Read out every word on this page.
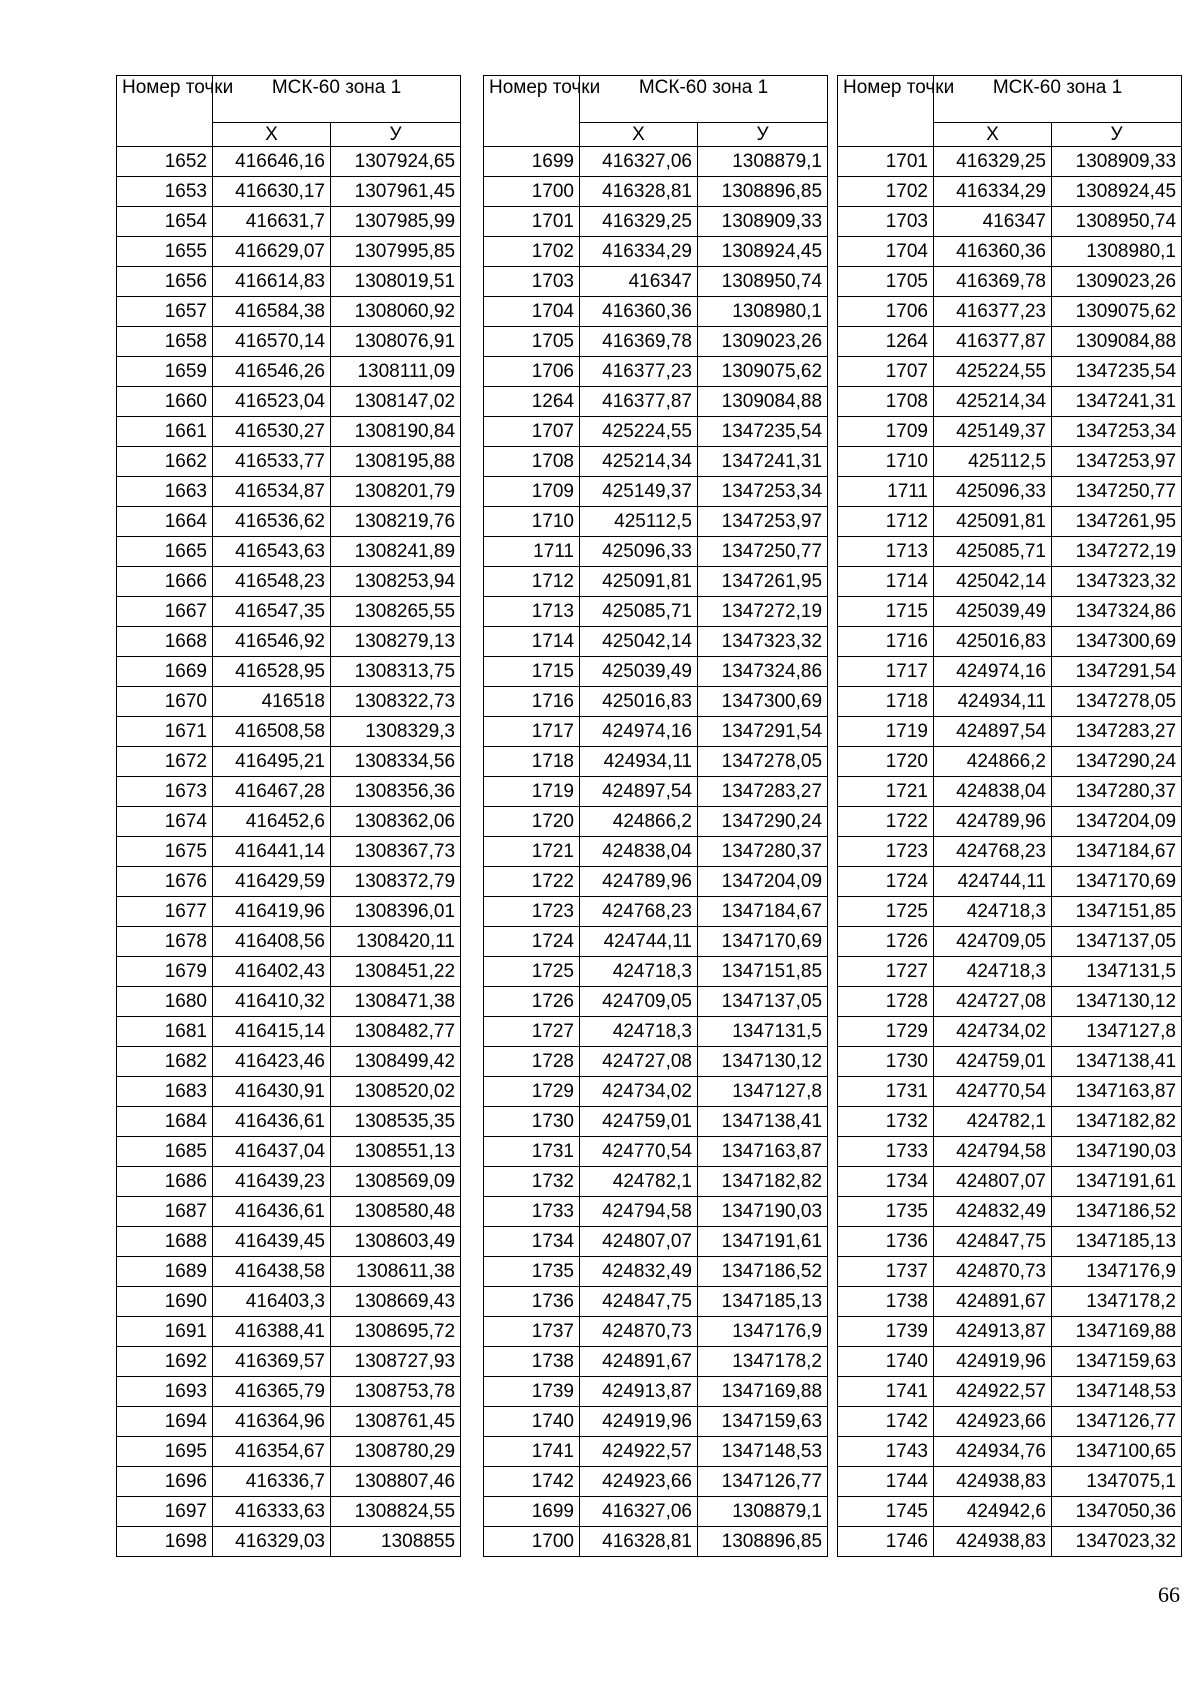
Номер точки	МСК-60 зона 1	
	X	У
1652	416646,16	1307924,65
1653	416630,17	1307961,45
1654	416631,7	1307985,99
1655	416629,07	1307995,85
1656	416614,83	1308019,51
1657	416584,38	1308060,92
1658	416570,14	1308076,91
1659	416546,26	1308111,09
1660	416523,04	1308147,02
1661	416530,27	1308190,84
1662	416533,77	1308195,88
1663	416534,87	1308201,79
1664	416536,62	1308219,76
1665	416543,63	1308241,89
1666	416548,23	1308253,94
1667	416547,35	1308265,55
1668	416546,92	1308279,13
1669	416528,95	1308313,75
1670	416518	1308322,73
1671	416508,58	1308329,3
1672	416495,21	1308334,56
1673	416467,28	1308356,36
1674	416452,6	1308362,06
1675	416441,14	1308367,73
1676	416429,59	1308372,79
1677	416419,96	1308396,01
1678	416408,56	1308420,11
1679	416402,43	1308451,22
1680	416410,32	1308471,38
1681	416415,14	1308482,77
1682	416423,46	1308499,42
1683	416430,91	1308520,02
1684	416436,61	1308535,35
1685	416437,04	1308551,13
1686	416439,23	1308569,09
1687	416436,61	1308580,48
1688	416439,45	1308603,49
1689	416438,58	1308611,38
1690	416403,3	1308669,43
1691	416388,41	1308695,72
1692	416369,57	1308727,93
1693	416365,79	1308753,78
1694	416364,96	1308761,45
1695	416354,67	1308780,29
1696	416336,7	1308807,46
1697	416333,63	1308824,55
1698	416329,03	1308855
Номер точки	МСК-60 зона 1	
	X	У
1699	416327,06	1308879,1
1700	416328,81	1308896,85
1701	416329,25	1308909,33
1702	416334,29	1308924,45
1703	416347	1308950,74
1704	416360,36	1308980,1
1705	416369,78	1309023,26
1706	416377,23	1309075,62
1264	416377,87	1309084,88
1707	425224,55	1347235,54
1708	425214,34	1347241,31
1709	425149,37	1347253,34
1710	425112,5	1347253,97
1711	425096,33	1347250,77
1712	425091,81	1347261,95
1713	425085,71	1347272,19
1714	425042,14	1347323,32
1715	425039,49	1347324,86
1716	425016,83	1347300,69
1717	424974,16	1347291,54
1718	424934,11	1347278,05
1719	424897,54	1347283,27
1720	424866,2	1347290,24
1721	424838,04	1347280,37
1722	424789,96	1347204,09
1723	424768,23	1347184,67
1724	424744,11	1347170,69
1725	424718,3	1347151,85
1726	424709,05	1347137,05
1727	424718,3	1347131,5
1728	424727,08	1347130,12
1729	424734,02	1347127,8
1730	424759,01	1347138,41
1731	424770,54	1347163,87
1732	424782,1	1347182,82
1733	424794,58	1347190,03
1734	424807,07	1347191,61
1735	424832,49	1347186,52
1736	424847,75	1347185,13
1737	424870,73	1347176,9
1738	424891,67	1347178,2
1739	424913,87	1347169,88
1740	424919,96	1347159,63
1741	424922,57	1347148,53
1742	424923,66	1347126,77
1699	416327,06	1308879,1
1700	416328,81	1308896,85
Номер точки	МСК-60 зона 1	
	X	У
1701	416329,25	1308909,33
1702	416334,29	1308924,45
1703	416347	1308950,74
1704	416360,36	1308980,1
1705	416369,78	1309023,26
1706	416377,23	1309075,62
1264	416377,87	1309084,88
1707	425224,55	1347235,54
1708	425214,34	1347241,31
1709	425149,37	1347253,34
1710	425112,5	1347253,97
1711	425096,33	1347250,77
1712	425091,81	1347261,95
1713	425085,71	1347272,19
1714	425042,14	1347323,32
1715	425039,49	1347324,86
1716	425016,83	1347300,69
1717	424974,16	1347291,54
1718	424934,11	1347278,05
1719	424897,54	1347283,27
1720	424866,2	1347290,24
1721	424838,04	1347280,37
1722	424789,96	1347204,09
1723	424768,23	1347184,67
1724	424744,11	1347170,69
1725	424718,3	1347151,85
1726	424709,05	1347137,05
1727	424718,3	1347131,5
1728	424727,08	1347130,12
1729	424734,02	1347127,8
1730	424759,01	1347138,41
1731	424770,54	1347163,87
1732	424782,1	1347182,82
1733	424794,58	1347190,03
1734	424807,07	1347191,61
1735	424832,49	1347186,52
1736	424847,75	1347185,13
1737	424870,73	1347176,9
1738	424891,67	1347178,2
1739	424913,87	1347169,88
1740	424919,96	1347159,63
1741	424922,57	1347148,53
1742	424923,66	1347126,77
1743	424934,76	1347100,65
1744	424938,83	1347075,1
1745	424942,6	1347050,36
1746	424938,83	1347023,32
66
